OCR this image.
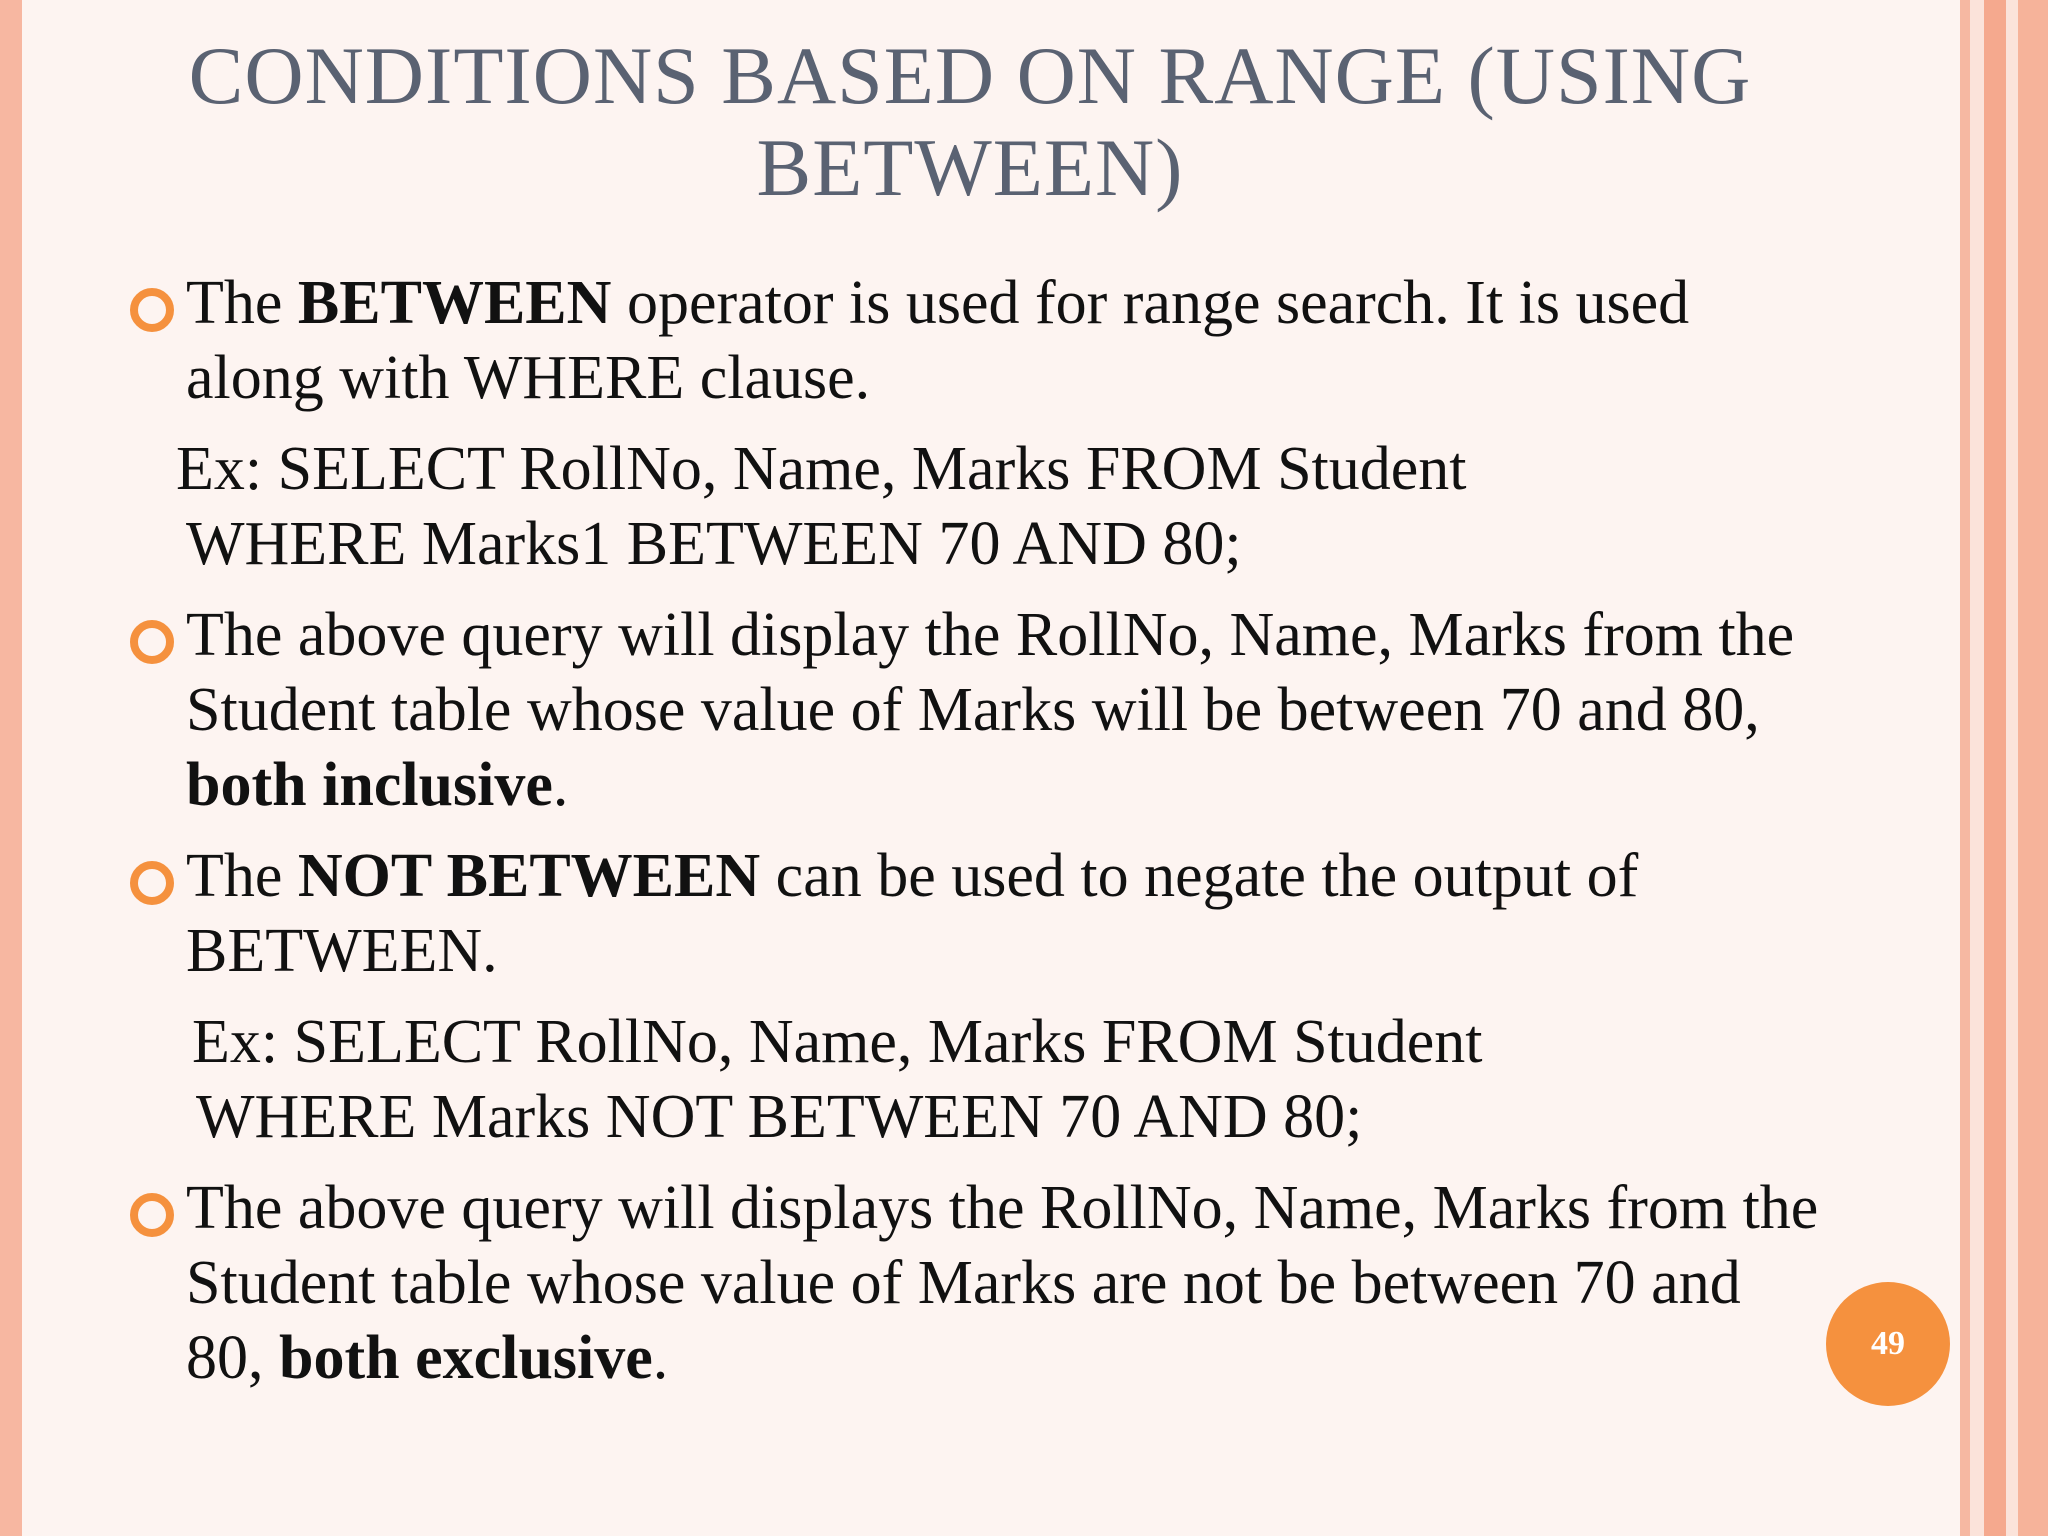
CONDITIONS BASED ON RANGE (USING BETWEEN)
The BETWEEN operator is used for range search. It is used along with WHERE clause.
Ex: SELECT RollNo, Name, Marks FROM Student
WHERE Marks1 BETWEEN 70 AND 80;
The above query will display the RollNo, Name, Marks from the Student table whose value of Marks will be between 70 and 80, both inclusive.
The NOT BETWEEN can be used to negate the output of BETWEEN.
Ex: SELECT RollNo, Name, Marks FROM Student
WHERE Marks NOT BETWEEN 70 AND 80;
The above query will displays the RollNo, Name, Marks from the Student table whose value of Marks are not be between 70 and 80, both exclusive.	49
